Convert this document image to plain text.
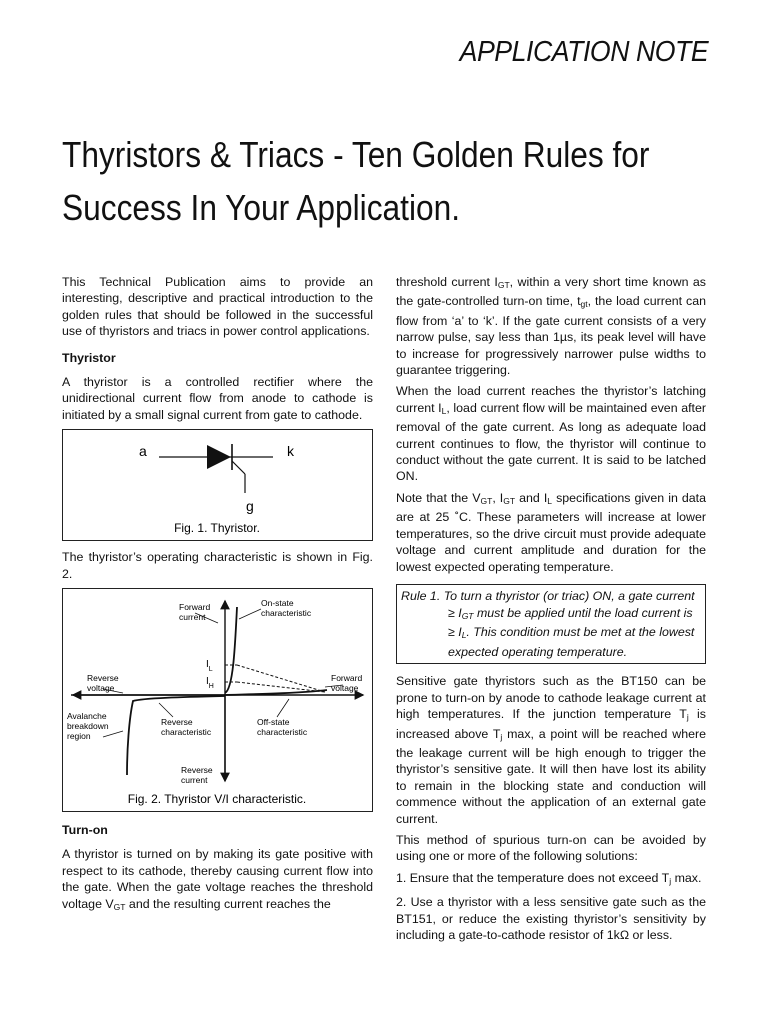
APPLICATION NOTE
Thyristors & Triacs - Ten Golden Rules for
Success In Your Application.

This Technical Publication aims to provide an interesting, descriptive and practical introduction to the golden rules that should be followed in the successful use of thyristors and triacs in power control applications.

Thyristor

A thyristor is a controlled rectifier where the unidirectional current flow from anode to cathode is initiated by a small signal current from gate to cathode.

a	k
g
Fig. 1. Thyristor.

The thyristor’s operating characteristic is shown in Fig. 2.

Forward
current
On-state
characteristic
$I_L$
$I_H$
Reverse
voltage
Forward
voltage
Avalanche
breakdown
region
Reverse
characteristic
Off-state
characteristic
Reverse
current
Fig. 2. Thyristor V/I characteristic.
Turn-on

A thyristor is turned on by making its gate positive with respect to its cathode, thereby causing current flow into the gate. When the gate voltage reaches the threshold voltage $V_{GT}$ and the resulting current reaches the

threshold current $I_{GT}$, within a very short time known as the gate-controlled turn-on time, $t_{gt}$, the load current can flow from ‘a’ to ‘k’. If the gate current consists of a very narrow pulse, say less than 1µs, its peak level will have to increase for progressively narrower pulse widths to guarantee triggering.

When the load current reaches the thyristor’s latching current $I_L$, load current flow will be maintained even after removal of the gate current. As long as adequate load current continues to flow, the thyristor will continue to conduct without the gate current. It is said to be latched ON.

Note that the $V_{GT}$, $I_{GT}$ and $I_L$ specifications given in data are at 25 ˚C. These parameters will increase at lower temperatures, so the drive circuit must provide adequate voltage and current amplitude and duration for the lowest expected operating temperature.

Rule 1. To turn a thyristor (or triac) ON, a gate current
≥ $I_{GT}$ must be applied until the load current is
≥ $I_L$. This condition must be met at the lowest
expected operating temperature.

Sensitive gate thyristors such as the BT150 can be prone to turn-on by anode to cathode leakage current at high temperatures. If the junction temperature $T_j$ is increased above $T_j$ max, a point will be reached where the leakage current will be high enough to trigger the thyristor’s sensitive gate. It will then have lost its ability to remain in the blocking state and conduction will commence without the application of an external gate current.

This method of spurious turn-on can be avoided by using one or more of the following solutions:

1. Ensure that the temperature does not exceed $T_j$ max.

2. Use a thyristor with a less sensitive gate such as the BT151, or reduce the existing thyristor’s sensitivity by including a gate-to-cathode resistor of 1kΩ or less.
